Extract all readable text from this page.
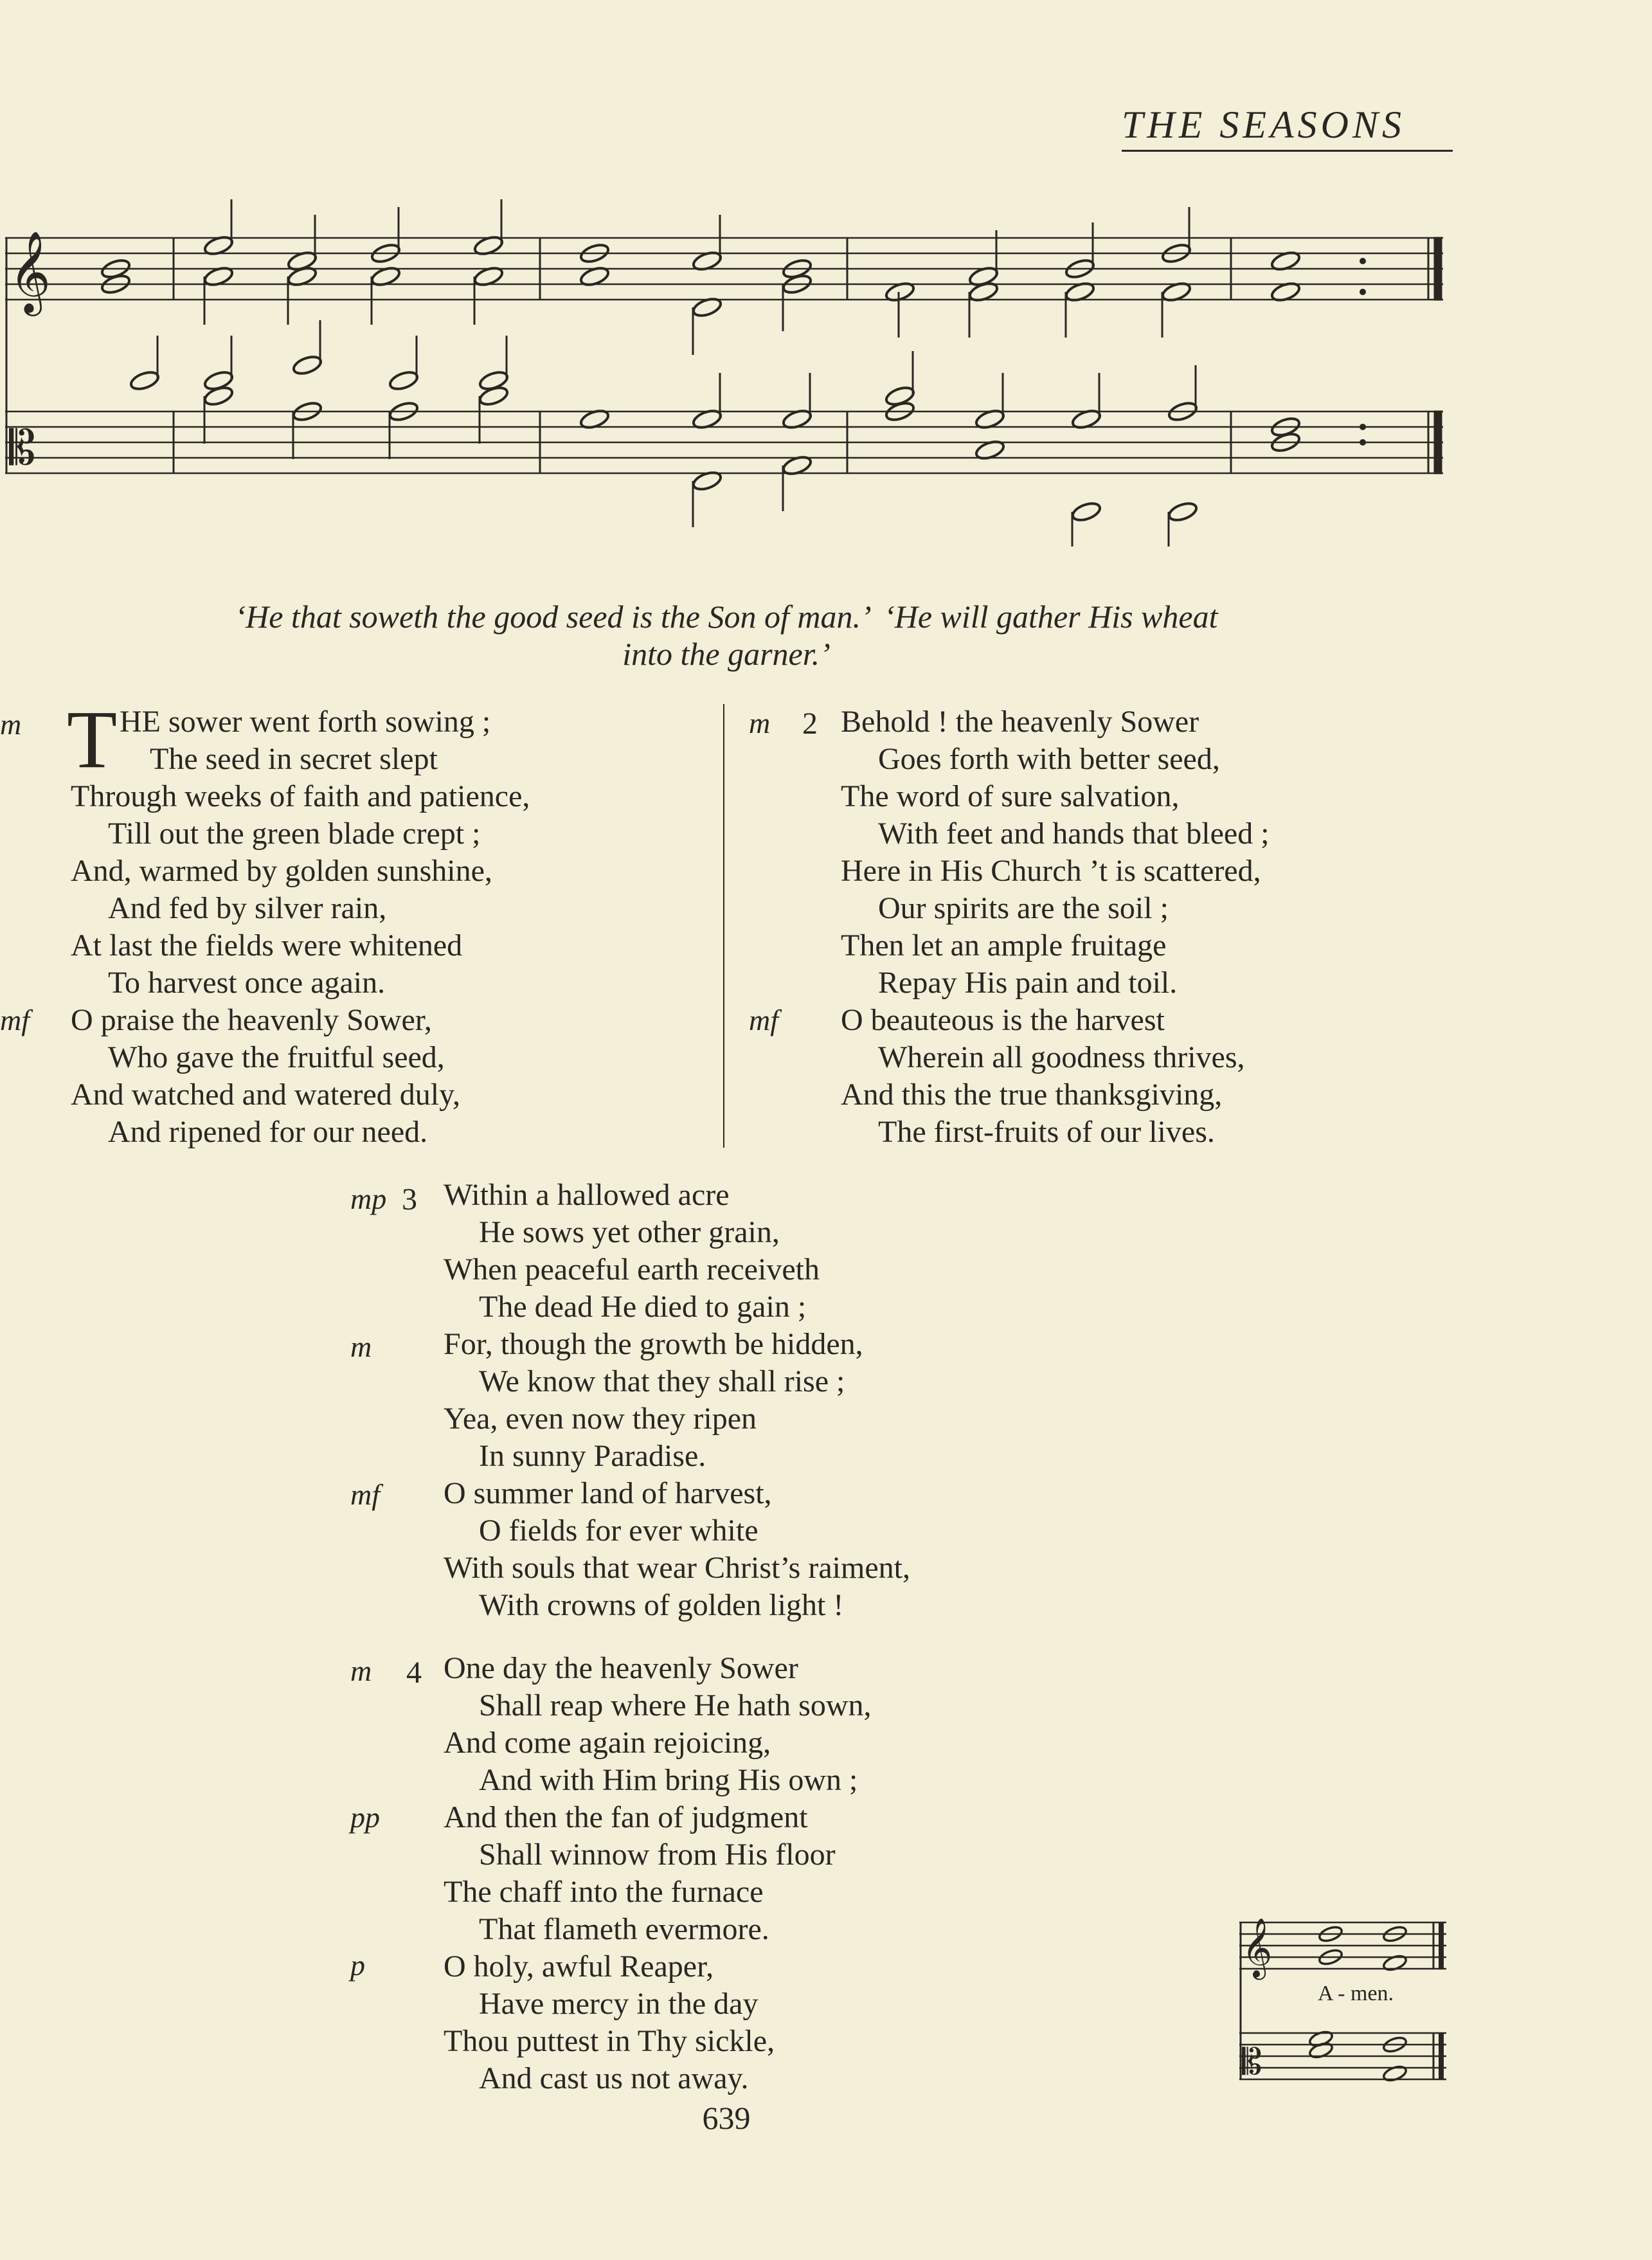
THE SEASONS
𝄞
𝄡
‘He that soweth the good seed is the Son of man.’  ‘He will gather His wheat
into the garner.’
T
m
mf
HE sower went forth sowing ;
The seed in secret slept
Through weeks of faith and patience,
Till out the green blade crept ;
And, warmed by golden sunshine,
And fed by silver rain,
At last the fields were whitened
To harvest once again.
O praise the heavenly Sower,
Who gave the fruitful seed,
And watched and watered duly,
And ripened for our need.
m
mf
2 Behold ! the heavenly Sower
Goes forth with better seed,
The word of sure salvation,
With feet and hands that bleed ;
Here in His Church ’t is scattered,
Our spirits are the soil ;
Then let an ample fruitage
Repay His pain and toil.
O beauteous is the harvest
Wherein all goodness thrives,
And this the true thanksgiving,
The first-fruits of our lives.
mp
m
mf
3 Within a hallowed acre
He sows yet other grain,
When peaceful earth receiveth
The dead He died to gain ;
For, though the growth be hidden,
We know that they shall rise ;
Yea, even now they ripen
In sunny Paradise.
O summer land of harvest,
O fields for ever white
With souls that wear Christ’s raiment,
With crowns of golden light !
m
pp
p
4 One day the heavenly Sower
Shall reap where He hath sown,
And come again rejoicing,
And with Him bring His own ;
And then the fan of judgment
Shall winnow from His floor
The chaff into the furnace
That flameth evermore.
O holy, awful Reaper,
Have mercy in the day
Thou puttest in Thy sickle,
And cast us not away.
𝄞
𝄡
A - men.
639
